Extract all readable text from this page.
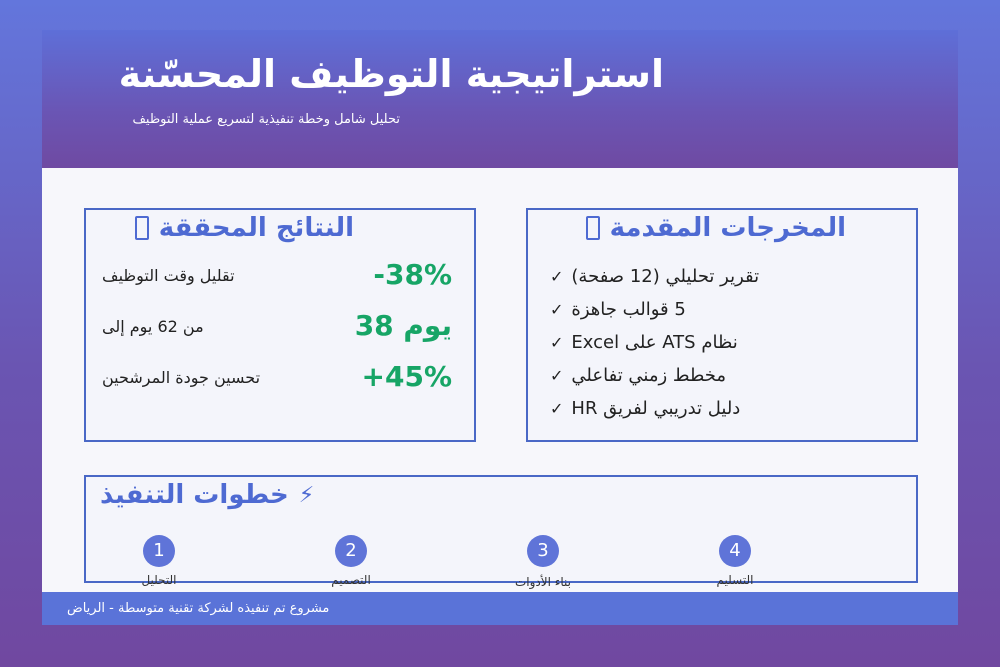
استراتيجية التوظيف المحسّنة
تحليل شامل وخطة تنفيذية لتسريع عملية التوظيف
النتائج المحققة
تقليل وقت التوظيف	-38%
من 62 يوم إلى	38 يوم
تحسين جودة المرشحين	+45%
المخرجات المقدمة
تقرير تحليلي (12 صفحة)
✓
5 قوالب جاهزة
✓
نظام ATS على Excel
✓
مخطط زمني تفاعلي
✓
دليل تدريبي لفريق HR
✓
⚡
خطوات التنفيذ
1
التحليل
2
التصميم
3
بناء الأدوات
4
التسليم
مشروع تم تنفيذه لشركة تقنية متوسطة - الرياض
